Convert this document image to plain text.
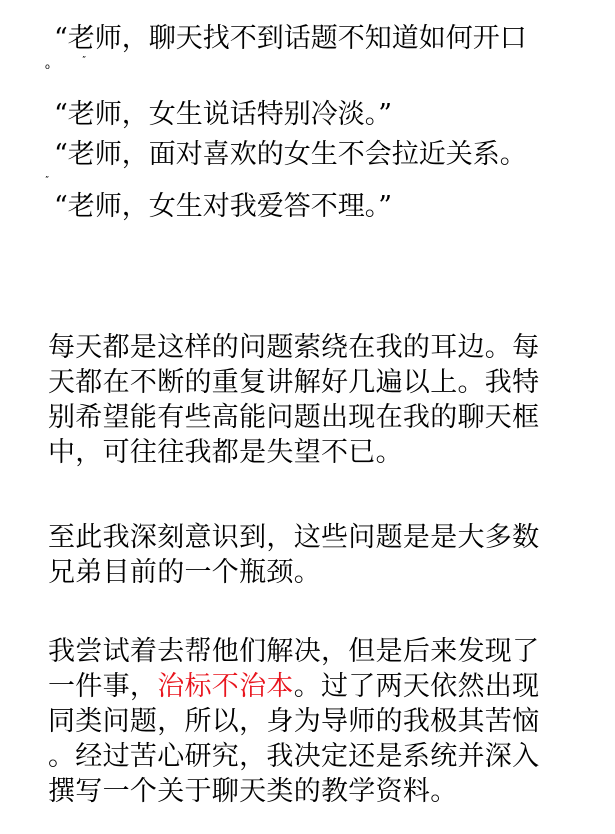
“老师，聊天找不到话题不知道如何开口
o
”
“老师，女生说话特别冷淡。”
“老师，面对喜欢的女生不会拉近关系。
”
“老师，女生对我爱答不理。”
每天都是这样的问题萦绕在我的耳边。每
天都在不断的重复讲解好几遍以上。我特
别希望能有些高能问题出现在我的聊天框
中，可往往我都是失望不已。
至此我深刻意识到，这些问题是是大多数
兄弟目前的一个瓶颈。
我尝试着去帮他们解决，但是后来发现了
一件事，治标不治本。过了两天依然出现
同类问题，所以，身为导师的我极其苦恼
。经过苦心研究，我决定还是系统并深入
撰写一个关于聊天类的教学资料。
